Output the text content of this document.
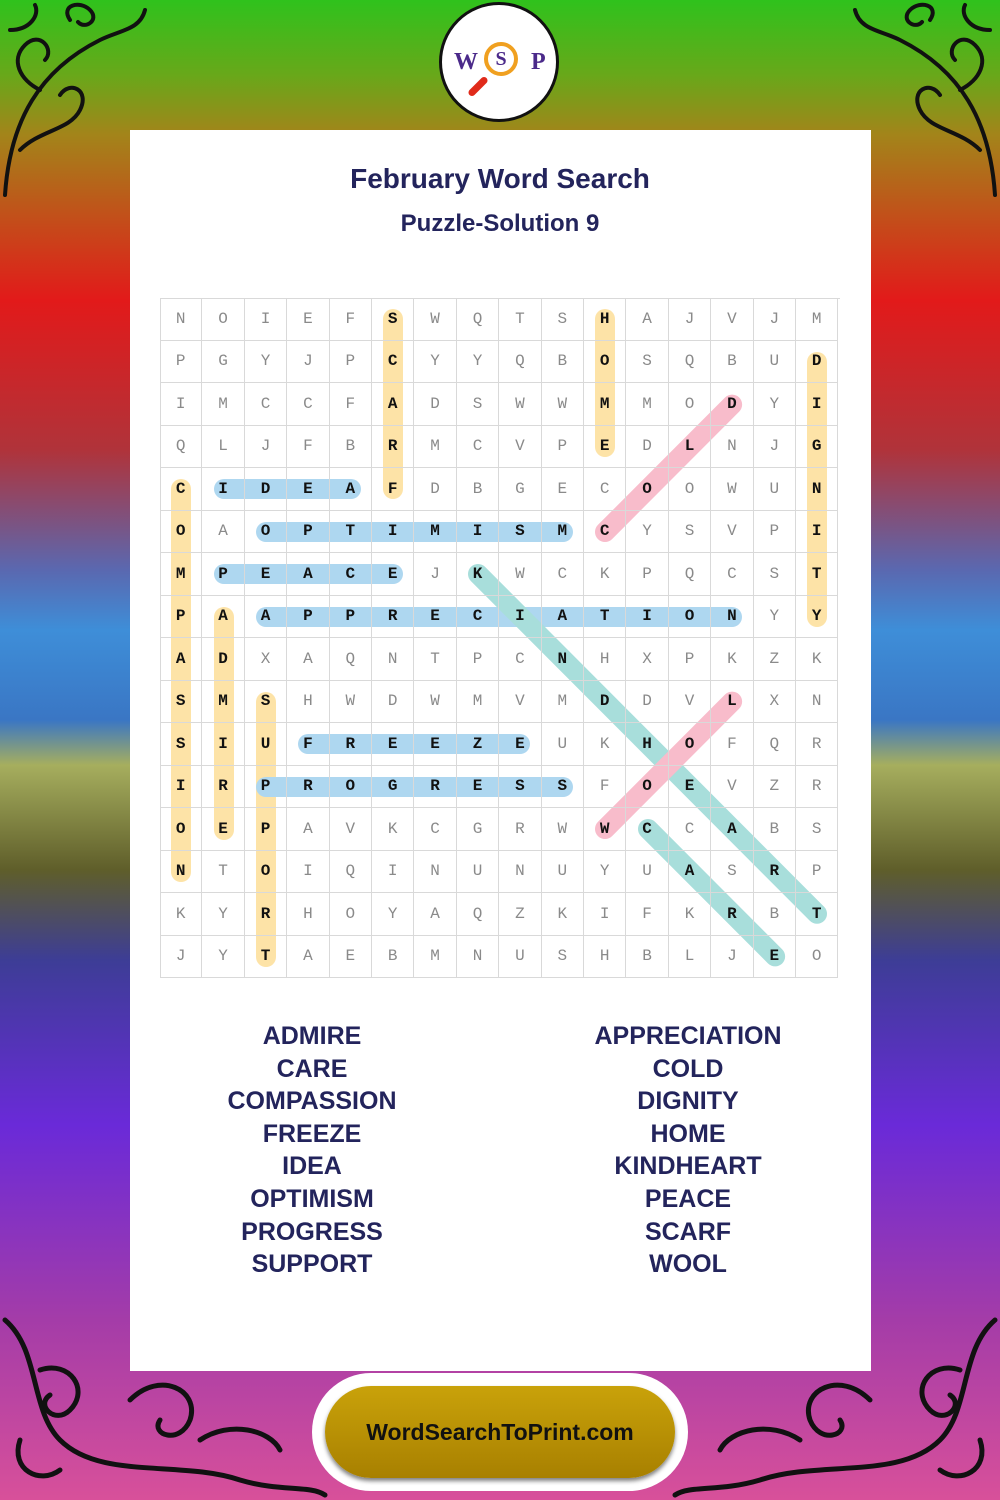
W S	P
February Word Search
Puzzle-Solution 9
N	O	I	E	F	S	W	Q	T	S	H	A	J	V	J	M
P	G	Y	J	P	C	Y	Y	Q	B	O	S	Q	B	U	D
I	M	C	C	F	A	D	S	W	W	M	M	O	D	Y	I
Q	L	J	F	B	R	M	C	V	P	E	D	L	N	J	G
C	I	D	E	A	F	D	B	G	E	C	O	O	W	U	N
O	A	O	P	T	I	M	I	S	M	C	Y	S	V	P	I
M	P	E	A	C	E	J	K	W	C	K	P	Q	C	S	T
P	A	A	P	P	R	E	C	I	A	T	I	O	N	Y	Y
A	D	X	A	Q	N	T	P	C	N	H	X	P	K	Z	K
S	M	S	H	W	D	W	M	V	M	D	D	V	L	X	N
S	I	U	F	R	E	E	Z	E	U	K	H	O	F	Q	R
I	R	P	R	O	G	R	E	S	S	F	O	E	V	Z	R
O	E	P	A	V	K	C	G	R	W	W	C	C	A	B	S
N	T	O	I	Q	I	N	U	N	U	Y	U	A	S	R	P
K	Y	R	H	O	Y	A	Q	Z	K	I	F	K	R	B	T
J	Y	T	A	E	B	M	N	U	S	H	B	L	J	E	O
ADMIRE
CARE
COMPASSION
FREEZE
IDEA
OPTIMISM
PROGRESS
SUPPORT
APPRECIATION
COLD
DIGNITY
HOME
KINDHEART
PEACE
SCARF
WOOL
WordSearchToPrint.com
